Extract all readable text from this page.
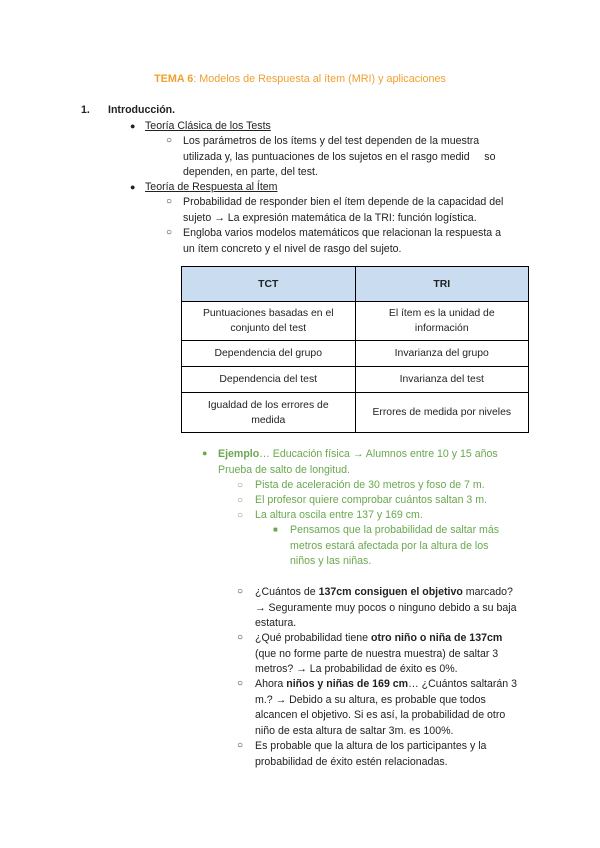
TEMA 6: Modelos de Respuesta al ítem (MRI) y aplicaciones
1. Introducción.
● Teoría Clásica de los Tests
○ Los parámetros de los ítems y del test dependen de la muestra
utilizada y, las puntuaciones de los sujetos en el rasgo medid     so
dependen, en parte, del test.
● Teoría de Respuesta al Ítem
○ Probabilidad de responder bien el ítem depende de la capacidad del
sujeto → La expresión matemática de la TRI: función logística.
○ Engloba varios modelos matemáticos que relacionan la respuesta a
un ítem concreto y el nivel de rasgo del sujeto.
TCT	TRI
Puntuaciones basadas en el conjunto del test	El ítem es la unidad de información
Dependencia del grupo	Invarianza del grupo
Dependencia del test	Invarianza del test
Igualdad de los errores de medida	Errores de medida por niveles
● Ejemplo… Educación física → Alumnos entre 10 y 15 años
Prueba de salto de longitud.
○ Pista de aceleración de 30 metros y foso de 7 m.
○ El profesor quiere comprobar cuántos saltan 3 m.
○ La altura oscila entre 137 y 169 cm.
■ Pensamos que la probabilidad de saltar más
metros estará afectada por la altura de los
niños y las niñas.
○ ¿Cuántos de 137cm consiguen el objetivo marcado?
→ Seguramente muy pocos o ninguno debido a su baja
estatura.
○ ¿Qué probabilidad tiene otro niño o niña de 137cm
(que no forme parte de nuestra muestra) de saltar 3
metros? → La probabilidad de éxito es 0%.
○ Ahora niños y niñas de 169 cm… ¿Cuántos saltarán 3
m.? → Debido a su altura, es probable que todos
alcancen el objetivo. Si es así, la probabilidad de otro
niño de esta altura de saltar 3m. es 100%.
○ Es probable que la altura de los participantes y la
probabilidad de éxito estén relacionadas.
